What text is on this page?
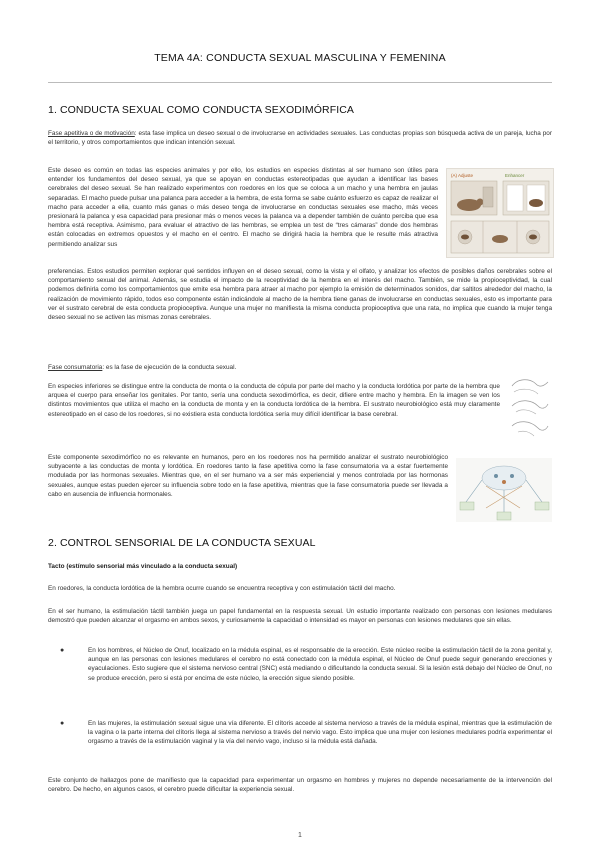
TEMA 4A: CONDUCTA SEXUAL MASCULINA Y FEMENINA
1. CONDUCTA SEXUAL COMO CONDUCTA SEXODIMÓRFICA
Fase apetitiva o de motivación: esta fase implica un deseo sexual o de involucrarse en actividades sexuales. Las conductas propias son búsqueda activa de un pareja, lucha por el territorio, y otros comportamientos que indican intención sexual.
Este deseo es común en todas las especies animales y por ello, los estudios en especies distintas al ser humano son útiles para entender los fundamentos del deseo sexual, ya que se apoyan en conductas estereotipadas que ayudan a identificar las bases cerebrales del deseo sexual. Se han realizado experimentos con roedores en los que se coloca a un macho y una hembra en jaulas separadas. El macho puede pulsar una palanca para acceder a la hembra, de esta forma se sabe cuánto esfuerzo es capaz de realizar el macho para acceder a ella, cuanto más ganas o más deseo tenga de involucrarse en conductas sexuales ese macho, más veces presionará la palanca y esa capacidad para presionar más o menos veces la palanca va a depender también de cuánto perciba que esa hembra está receptiva. Asimismo, para evaluar el atractivo de las hembras, se emplea un test de “tres cámaras” donde dos hembras están colocadas en extremos opuestos y el macho en el centro. El macho se dirigirá hacia la hembra que le resulte más atractiva permitiendo analizar sus
(A) Adjuste	Enhancer
preferencias. Estos estudios permiten explorar qué sentidos influyen en el deseo sexual, como la vista y el olfato, y analizar los efectos de posibles daños cerebrales sobre el comportamiento sexual del animal. Además, se estudia el impacto de la receptividad de la hembra en el interés del macho. También, se mide la propioceptividad, la cual podemos definirla como los comportamientos que emite esa hembra para atraer al macho por ejemplo la emisión de determinados sonidos, dar saltitos alrededor del macho, la realización de movimiento rápido, todos eso componente están indicándole al macho de la hembra tiene ganas de involucrarse en conductas sexuales, esto es importante para ver el sustrato cerebral de esta conducta propioceptiva. Aunque una mujer no manifiesta la misma conducta propioceptiva que una rata, no implica que cuando la mujer tenga deseo sexual no se activen las mismas zonas cerebrales.
Fase consumatoria: es la fase de ejecución de la conducta sexual.
En especies inferiores se distingue entre la conducta de monta o la conducta de cópula por parte del macho y la conducta lordótica por parte de la hembra que arquea el cuerpo para enseñar los genitales. Por tanto, sería una conducta sexodimórfica, es decir, difiere entre macho y hembra. En la imagen se ven los distintos movimientos que utiliza el macho en la conducta de monta y en la conducta lordótica de la hembra. El sustrato neurobiológico está muy claramente estereotipado en el caso de los roedores, si no existiera esta conducta lordótica sería muy difícil identificar la base cerebral.
Este componente sexodimórfico no es relevante en humanos, pero en los roedores nos ha permitido analizar el sustrato neurobiológico subyacente a las conductas de monta y lordótica. En roedores tanto la fase apetitiva como la fase consumatoria va a estar fuertemente modulada por las hormonas sexuales. Mientras que, en el ser humano va a ser más experiencial y menos controlada por las hormonas sexuales, aunque estas pueden ejercer su influencia sobre todo en la fase apetitiva, mientras que la fase consumatoria puede ser llevada a cabo en ausencia de influencia hormonales.
2. CONTROL SENSORIAL DE LA CONDUCTA SEXUAL
Tacto (estímulo sensorial más vinculado a la conducta sexual)
En roedores, la conducta lordótica de la hembra ocurre cuando se encuentra receptiva y con estimulación táctil del macho.
En el ser humano, la estimulación táctil también juega un papel fundamental en la respuesta sexual. Un estudio importante realizado con personas con lesiones medulares demostró que pueden alcanzar el orgasmo en ambos sexos, y curiosamente la capacidad o intensidad es mayor en personas con lesiones medulares que sin ellas.
●	En los hombres, el Núcleo de Onuf, localizado en la médula espinal, es el responsable de la erección. Este núcleo recibe la estimulación táctil de la zona genital y, aunque en las personas con lesiones medulares el cerebro no está conectado con la médula espinal, el Núcleo de Onuf puede seguir generando erecciones y eyaculaciones. Esto sugiere que el sistema nervioso central (SNC) está mediando o dificultando la conducta sexual. Si la lesión está debajo del Núcleo de Onuf, no se produce erección, pero si está por encima de este núcleo, la erección sigue siendo posible.
●	En las mujeres, la estimulación sexual sigue una vía diferente. El clítoris accede al sistema nervioso a través de la médula espinal, mientras que la estimulación de la vagina o la parte interna del clítoris llega al sistema nervioso a través del nervio vago. Esto implica que una mujer con lesiones medulares podría experimentar el orgasmo a través de la estimulación vaginal y la vía del nervio vago, incluso si la médula está dañada.
Este conjunto de hallazgos pone de manifiesto que la capacidad para experimentar un orgasmo en hombres y mujeres no depende necesariamente de la intervención del cerebro. De hecho, en algunos casos, el cerebro puede dificultar la experiencia sexual.
1
